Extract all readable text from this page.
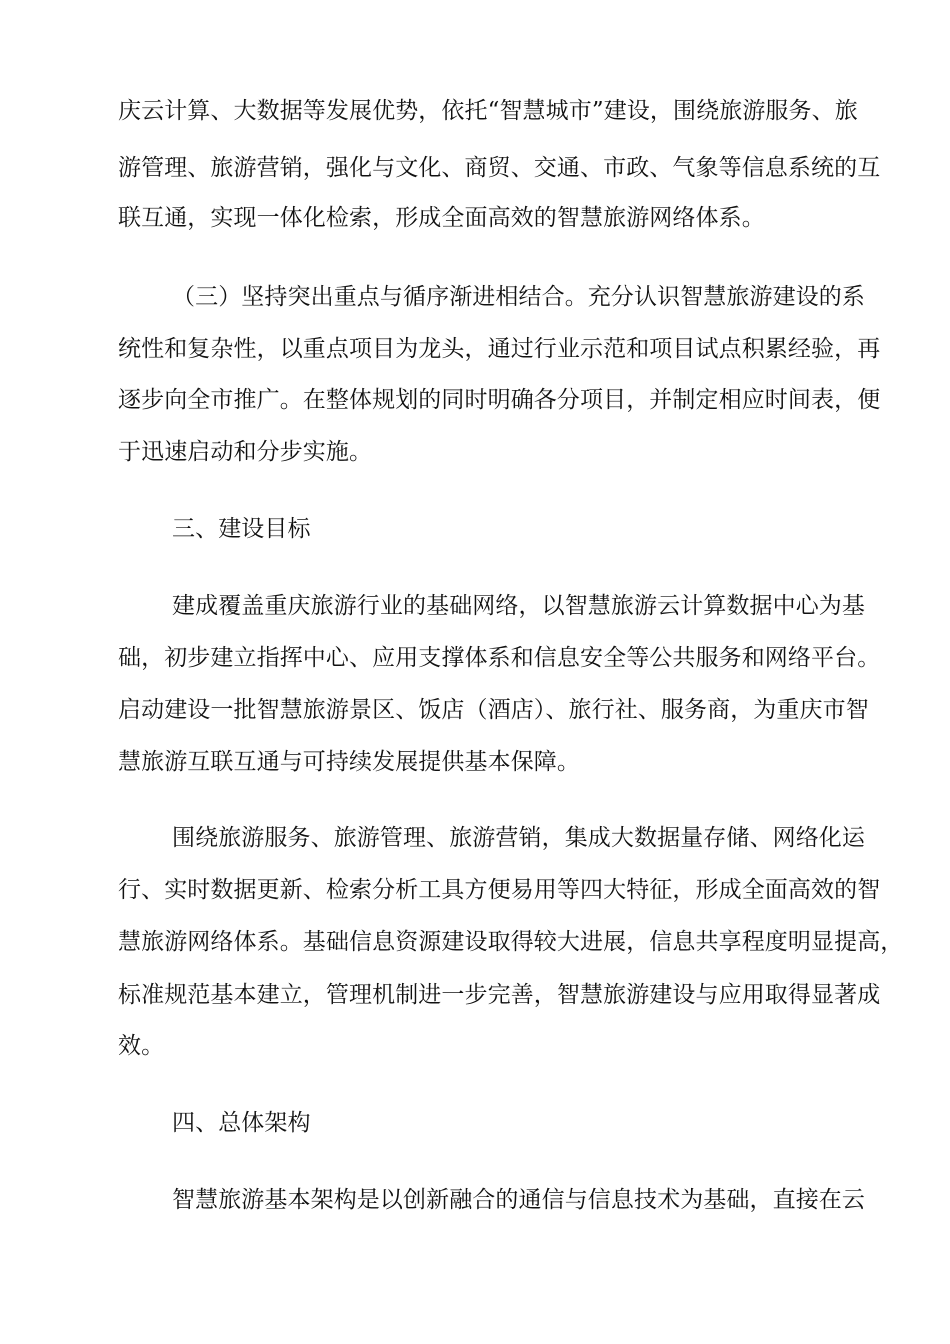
庆云计算、大数据等发展优势，依托“智慧城市”建设，围绕旅游服务、旅
游管理、旅游营销，强化与文化、商贸、交通、市政、气象等信息系统的互
联互通，实现一体化检索，形成全面高效的智慧旅游网络体系。
（三）坚持突出重点与循序渐进相结合。充分认识智慧旅游建设的系
统性和复杂性，以重点项目为龙头，通过行业示范和项目试点积累经验，再
逐步向全市推广。在整体规划的同时明确各分项目，并制定相应时间表，便
于迅速启动和分步实施。
三、建设目标
建成覆盖重庆旅游行业的基础网络，以智慧旅游云计算数据中心为基
础，初步建立指挥中心、应用支撑体系和信息安全等公共服务和网络平台。
启动建设一批智慧旅游景区、饭店（酒店）、旅行社、服务商，为重庆市智
慧旅游互联互通与可持续发展提供基本保障。
围绕旅游服务、旅游管理、旅游营销，集成大数据量存储、网络化运
行、实时数据更新、检索分析工具方便易用等四大特征，形成全面高效的智
慧旅游网络体系。基础信息资源建设取得较大进展，信息共享程度明显提高，
标准规范基本建立，管理机制进一步完善，智慧旅游建设与应用取得显著成
效。
四、总体架构
智慧旅游基本架构是以创新融合的通信与信息技术为基础，直接在云
